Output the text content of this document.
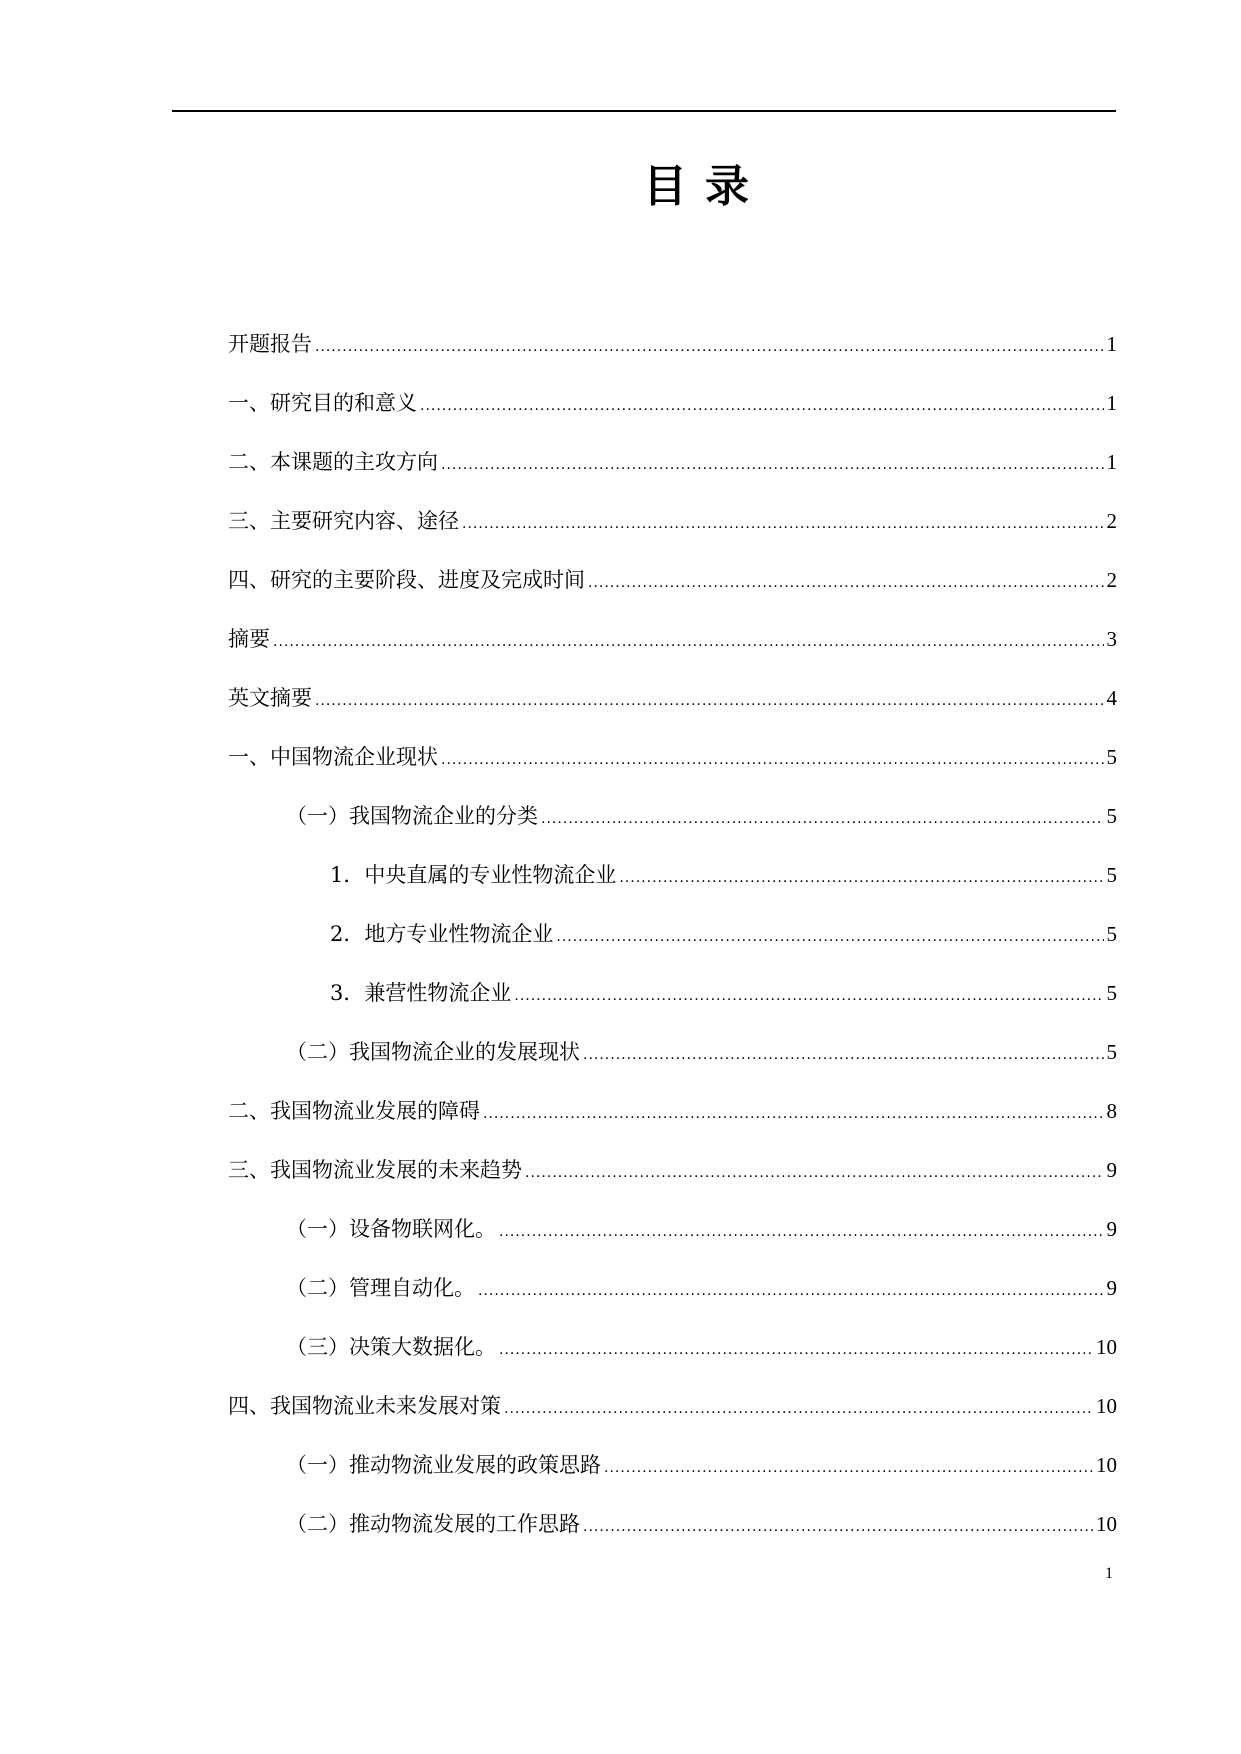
目录
开题报告 .....	1
一、研究目的和意义 .....	1
二、本课题的主攻方向 .....	1
三、主要研究内容、途径 .....	2
四、研究的主要阶段、进度及完成时间 .....	2
摘要 .....	3
英文摘要 .....	4
一、中国物流企业现状 .....	5
（一）我国物流企业的分类 .....	5
1．中央直属的专业性物流企业 .....	5
2．地方专业性物流企业 .....	5
3．兼营性物流企业 .....	5
（二）我国物流企业的发展现状 .....	5
二、我国物流业发展的障碍 .....	8
三、我国物流业发展的未来趋势 .....	9
（一）设备物联网化。 .....	9
（二）管理自动化。 .....	9
（三）决策大数据化。 .....	10
四、我国物流业未来发展对策 .....	10
（一）推动物流业发展的政策思路 .....	10
（二）推动物流发展的工作思路 .....	10
1
